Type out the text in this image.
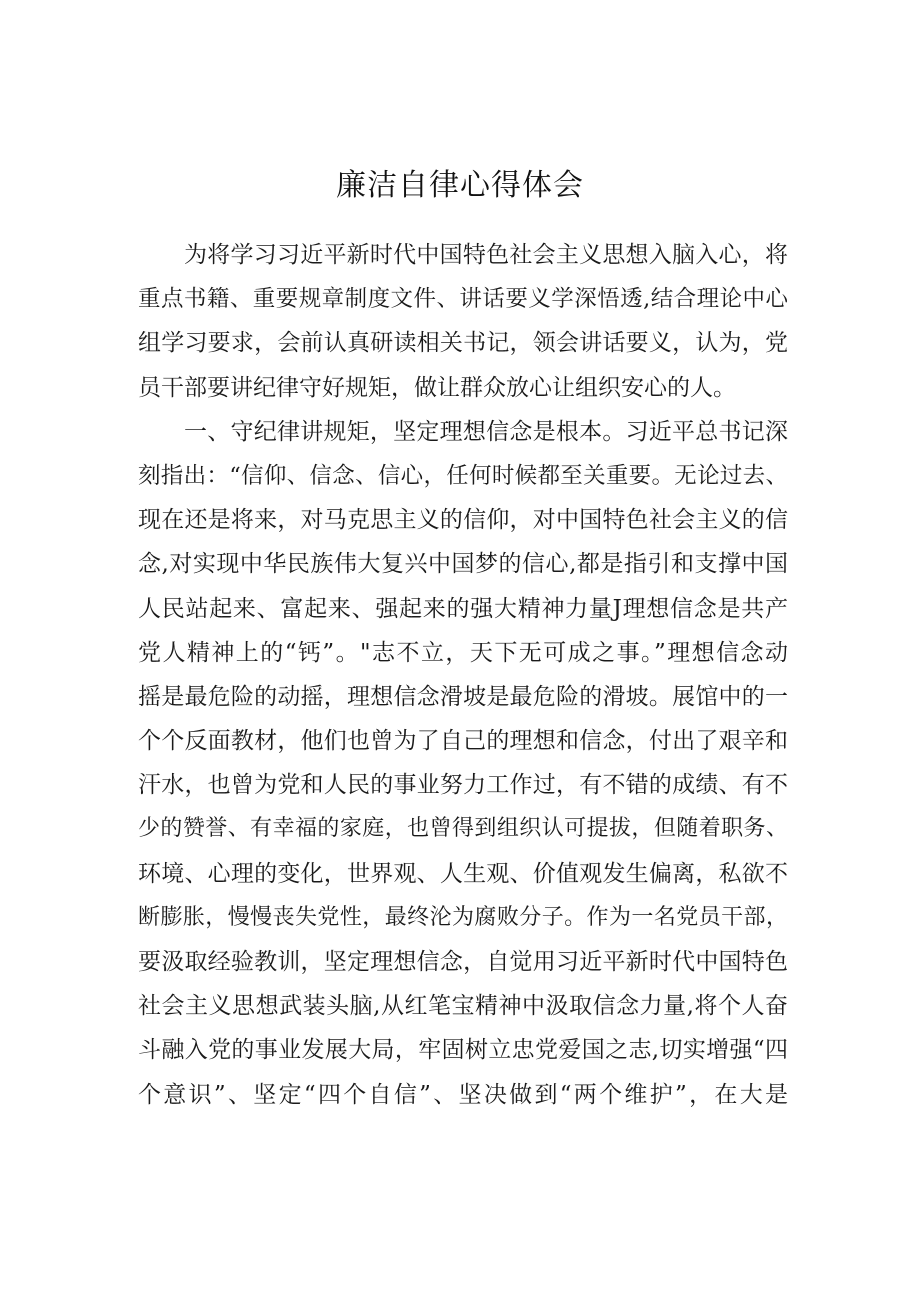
廉洁自律心得体会
为将学习习近平新时代中国特色社会主义思想入脑入心，将
重点书籍、重要规章制度文件、讲话要义学深悟透,结合理论中心
组学习要求，会前认真研读相关书记，领会讲话要义，认为，党
员干部要讲纪律守好规矩，做让群众放心让组织安心的人。
一、守纪律讲规矩，坚定理想信念是根本。习近平总书记深
刻指出：“信仰、信念、信心，任何时候都至关重要。无论过去、
现在还是将来，对马克思主义的信仰，对中国特色社会主义的信
念,对实现中华民族伟大复兴中国梦的信心,都是指引和支撑中国
人民站起来、富起来、强起来的强大精神力量J理想信念是共产
党人精神上的“钙”。"志不立，天下无可成之事。”理想信念动
摇是最危险的动摇，理想信念滑坡是最危险的滑坡。展馆中的一
个个反面教材，他们也曾为了自己的理想和信念，付出了艰辛和
汗水，也曾为党和人民的事业努力工作过，有不错的成绩、有不
少的赞誉、有幸福的家庭，也曾得到组织认可提拔，但随着职务、
环境、心理的变化，世界观、人生观、价值观发生偏离，私欲不
断膨胀，慢慢丧失党性，最终沦为腐败分子。作为一名党员干部，
要汲取经验教训，坚定理想信念，自觉用习近平新时代中国特色
社会主义思想武装头脑,从红笔宝精神中汲取信念力量,将个人奋
斗融入党的事业发展大局，牢固树立忠党爱国之志,切实增强“四
个意识”、坚定“四个自信”、坚决做到“两个维护”，在大是
